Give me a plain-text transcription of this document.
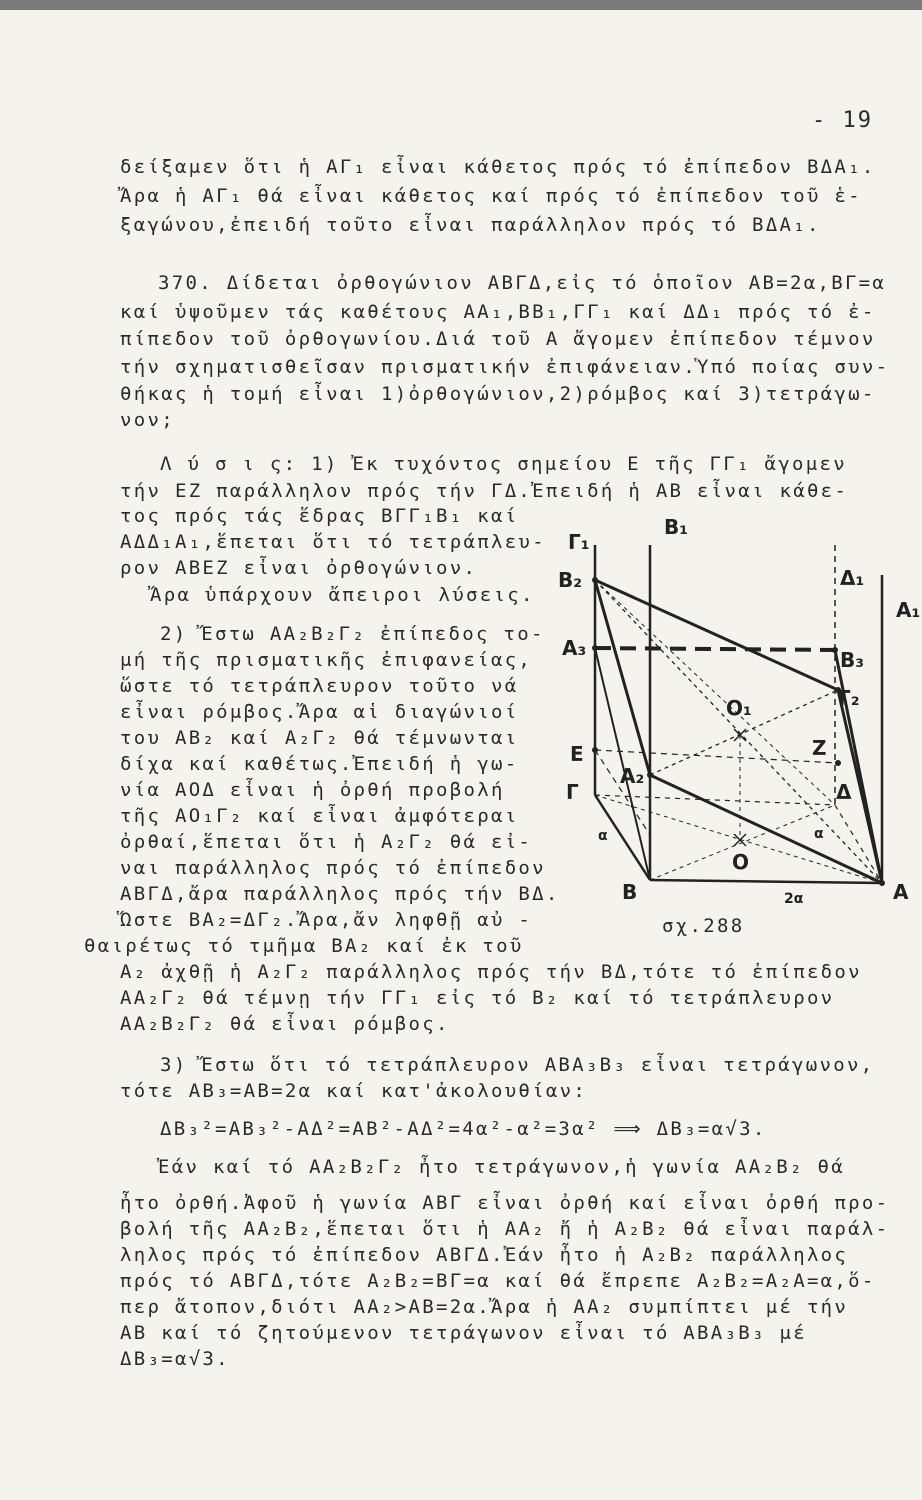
- 19
δείξαμεν ὅτι ἡ ΑΓ₁ εἶναι κάθετος πρός τό ἐπίπεδον ΒΔΑ₁.
Ἄρα ἡ ΑΓ₁ θά εἶναι κάθετος καί πρός τό ἐπίπεδον τοῦ ἑ-
ξαγώνου,ἐπειδή τοῦτο εἶναι παράλληλον πρός τό ΒΔΑ₁.
370. Δίδεται ὀρθογώνιον ΑΒΓΔ,εἰς τό ὁποῖον ΑΒ=2α,ΒΓ=α
καί ὑψοῦμεν τάς καθέτους ΑΑ₁,ΒΒ₁,ΓΓ₁ καί ΔΔ₁ πρός τό ἐ-
πίπεδον τοῦ ὀρθογωνίου.Διά τοῦ Α ἄγομεν ἐπίπεδον τέμνον
τήν σχηματισθεῖσαν πρισματικήν ἐπιφάνειαν.Ὑπό ποίας συν-
θήκας ἡ τομή εἶναι 1)ὀρθογώνιον,2)ρόμβος καί 3)τετράγω-
νον;
Λ ύ σ ι ς: 1) Ἐκ τυχόντος σημείου Ε τῆς ΓΓ₁ ἄγομεν
τήν ΕΖ παράλληλον πρός τήν ΓΔ.Ἐπειδή ἡ ΑΒ εἶναι κάθε-
τος πρός τάς ἕδρας ΒΓΓ₁Β₁ καί
ΑΔΔ₁Α₁,ἕπεται ὅτι τό τετράπλευ-
ρον ΑΒΕΖ εἶναι ὀρθογώνιον.
Ἄρα ὑπάρχουν ἄπειροι λύσεις.
2) Ἔστω ΑΑ₂Β₂Γ₂ ἐπίπεδος το-
μή τῆς πρισματικῆς ἐπιφανείας,
ὥστε τό τετράπλευρον τοῦτο νά
εἶναι ρόμβος.Ἄρα αἱ διαγώνιοί
του ΑΒ₂ καί Α₂Γ₂ θά τέμνωνται
δίχα καί καθέτως.Ἐπειδή ἡ γω-
νία ΑΟΔ εἶναι ἡ ὀρθή προβολή
τῆς ΑΟ₁Γ₂ καί εἶναι ἀμφότεραι
ὀρθαί,ἕπεται ὅτι ἡ Α₂Γ₂ θά εἰ-
ναι παράλληλος πρός τό ἐπίπεδον
ΑΒΓΔ,ἄρα παράλληλος πρός τήν ΒΔ.
Ὥστε ΒΑ₂=ΔΓ₂.Ἄρα,ἄν ληφθῇ αὐ -
θαιρέτως τό τμῆμα ΒΑ₂ καί ἐκ τοῦ
Α₂ ἀχθῇ ἡ Α₂Γ₂ παράλληλος πρός τήν ΒΔ,τότε τό ἐπίπεδον
ΑΑ₂Γ₂ θά τέμνῃ τήν ΓΓ₁ εἰς τό Β₂ καί τό τετράπλευρον
ΑΑ₂Β₂Γ₂ θά εἶναι ρόμβος.
3) Ἔστω ὅτι τό τετράπλευρον ΑΒΑ₃Β₃ εἶναι τετράγωνον,
τότε ΑΒ₃=ΑΒ=2α καί κατ'ἀκολουθίαν:
ΔΒ₃²=ΑΒ₃²-ΑΔ²=ΑΒ²-ΑΔ²=4α²-α²=3α² ⟹ ΔΒ₃=α√3.
Ἐάν καί τό ΑΑ₂Β₂Γ₂ ἦτο τετράγωνον,ἡ γωνία ΑΑ₂Β₂ θά
ἦτο ὀρθή.Ἀφοῦ ἡ γωνία ΑΒΓ εἶναι ὀρθή καί εἶναι ὀρθή προ-
βολή τῆς ΑΑ₂Β₂,ἕπεται ὅτι ἡ ΑΑ₂ ἤ ἡ Α₂Β₂ θά εἶναι παράλ-
ληλος πρός τό ἐπίπεδον ΑΒΓΔ.Ἐάν ἦτο ἡ Α₂Β₂ παράλληλος
πρός τό ΑΒΓΔ,τότε Α₂Β₂=ΒΓ=α καί θά ἔπρεπε Α₂Β₂=Α₂Α=α,ὅ-
περ ἄτοπον,διότι ΑΑ₂>ΑΒ=2α.Ἄρα ἡ ΑΑ₂ συμπίπτει μέ τήν
ΑΒ καί τό ζητούμενον τετράγωνον εἶναι τό ΑΒΑ₃Β₃ μέ
ΔΒ₃=α√3.
Γ₁
Β₁
Δ₁
Α₁
Β₂
Α₃	Β₃
Γ₂
Ο₁
Ε	Ζ
Α₂
Γ	Δ
α	α
Ο
Β	2α	Α
σχ.288
